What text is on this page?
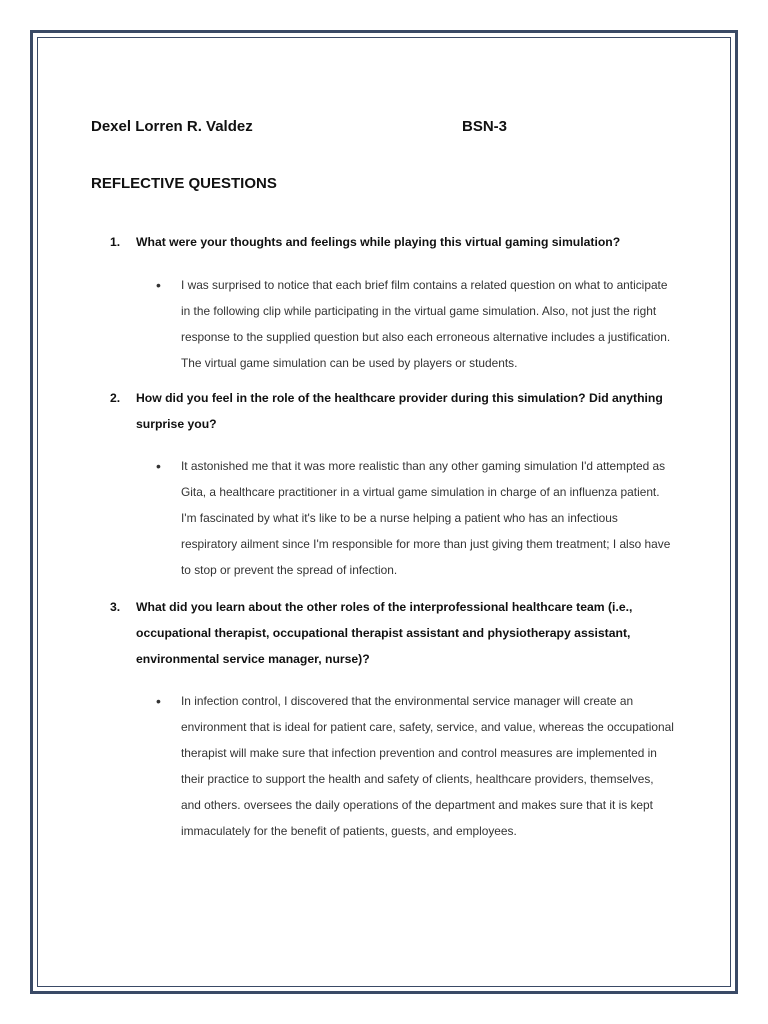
Dexel Lorren R. Valdez	BSN-3
REFLECTIVE QUESTIONS
1.	What were your thoughts and feelings while playing this virtual gaming simulation?
•	I was surprised to notice that each brief film contains a related question on what to anticipate in the following clip while participating in the virtual game simulation. Also, not just the right response to the supplied question but also each erroneous alternative includes a justification. The virtual game simulation can be used by players or students.
2.	How did you feel in the role of the healthcare provider during this simulation? Did anything surprise you?
•	It astonished me that it was more realistic than any other gaming simulation I'd attempted as Gita, a healthcare practitioner in a virtual game simulation in charge of an influenza patient. I'm fascinated by what it's like to be a nurse helping a patient who has an infectious respiratory ailment since I'm responsible for more than just giving them treatment; I also have to stop or prevent the spread of infection.
3.	What did you learn about the other roles of the interprofessional healthcare team (i.e., occupational therapist, occupational therapist assistant and physiotherapy assistant, environmental service manager, nurse)?
•	In infection control, I discovered that the environmental service manager will create an environment that is ideal for patient care, safety, service, and value, whereas the occupational therapist will make sure that infection prevention and control measures are implemented in their practice to support the health and safety of clients, healthcare providers, themselves, and others. oversees the daily operations of the department and makes sure that it is kept immaculately for the benefit of patients, guests, and employees.
